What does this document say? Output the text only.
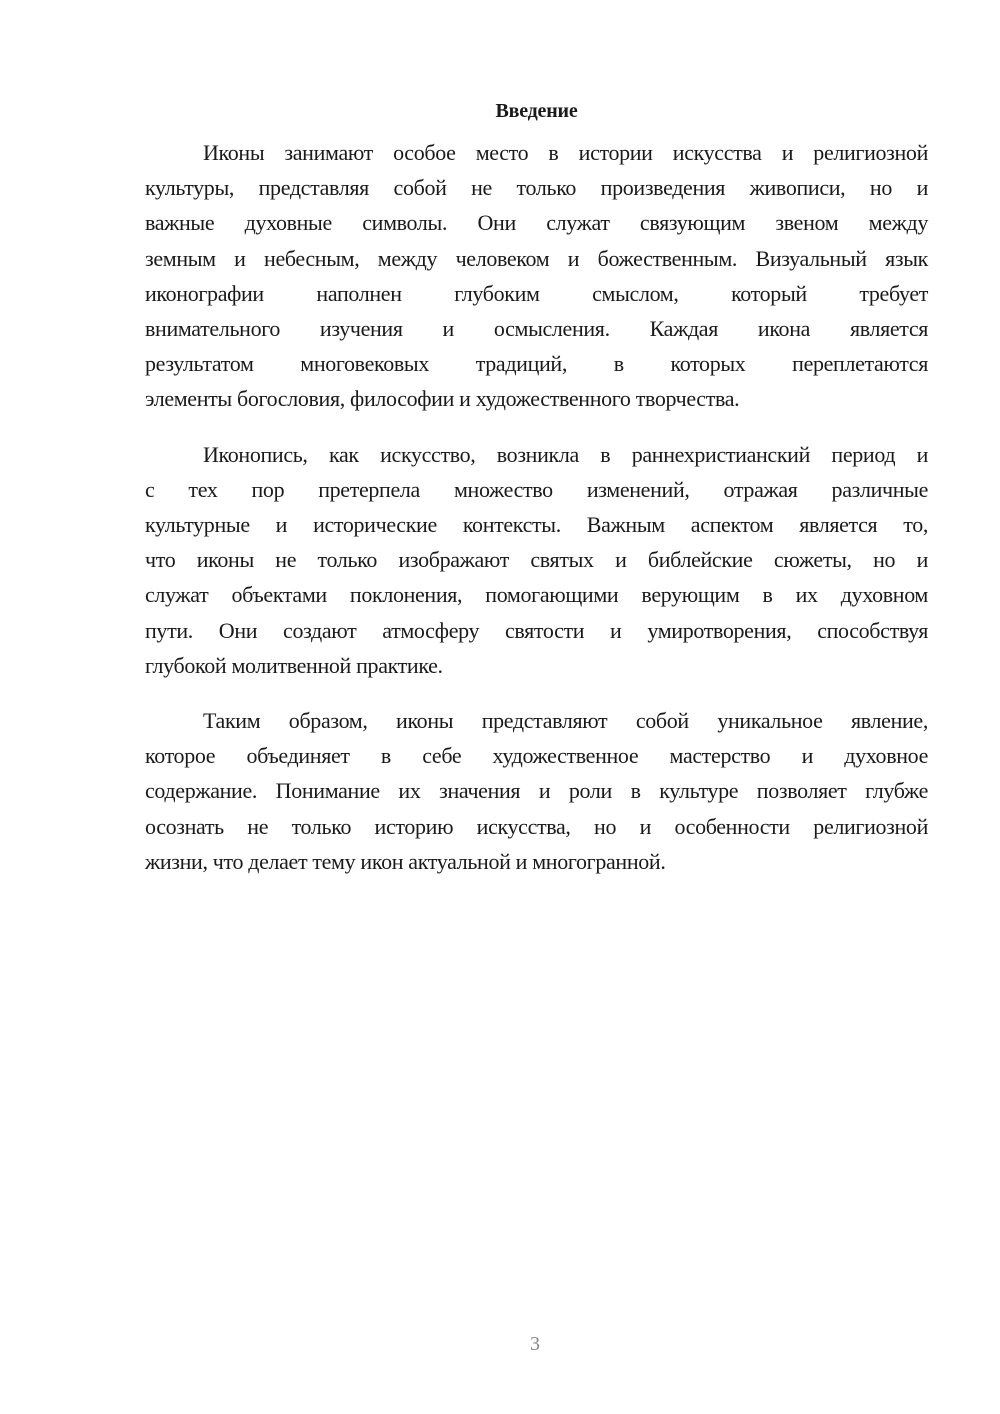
Введение
Иконы занимают особое место в истории искусства и религиозной
культуры, представляя собой не только произведения живописи, но и
важные духовные символы. Они служат связующим звеном между
земным и небесным, между человеком и божественным. Визуальный язык
иконографии наполнен глубоким смыслом, который требует
внимательного изучения и осмысления. Каждая икона является
результатом многовековых традиций, в которых переплетаются
элементы богословия, философии и художественного творчества.
Иконопись, как искусство, возникла в раннехристианский период и
с тех пор претерпела множество изменений, отражая различные
культурные и исторические контексты. Важным аспектом является то,
что иконы не только изображают святых и библейские сюжеты, но и
служат объектами поклонения, помогающими верующим в их духовном
пути. Они создают атмосферу святости и умиротворения, способствуя
глубокой молитвенной практике.
Таким образом, иконы представляют собой уникальное явление,
которое объединяет в себе художественное мастерство и духовное
содержание. Понимание их значения и роли в культуре позволяет глубже
осознать не только историю искусства, но и особенности религиозной
жизни, что делает тему икон актуальной и многогранной.
3
